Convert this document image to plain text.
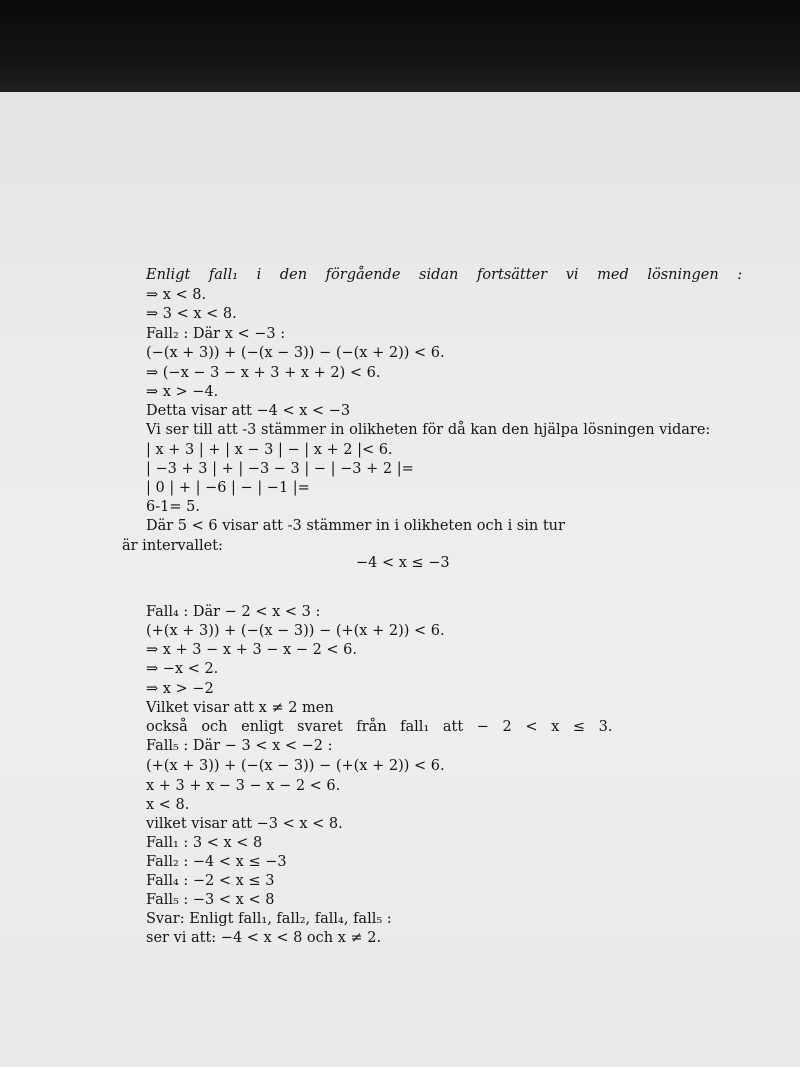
Enligt fall₁ i den förgående sidan fortsätter vi med lösningen :
⇒ x < 8.
⇒ 3 < x < 8.
Fall₂ : Där x < −3 :
(−(x + 3)) + (−(x − 3)) − (−(x + 2)) < 6.
⇒ (−x − 3 − x + 3 + x + 2) < 6.
⇒ x > −4.
Detta visar att −4 < x < −3
Vi ser till att -3 stämmer in olikheten för då kan den hjälpa lösningen vidare:
| x + 3 | + | x − 3 | − | x + 2 |< 6.
| −3 + 3 | + | −3 − 3 | − | −3 + 2 |=
| 0 | + | −6 | − | −1 |=
6-1= 5.
Där 5 < 6 visar att -3 stämmer in i olikheten och i sin tur
är intervallet:
−4 < x ≤ −3
Fall₄ : Där − 2 < x < 3 :
(+(x + 3)) + (−(x − 3)) − (+(x + 2)) < 6.
⇒ x + 3 − x + 3 − x − 2 < 6.
⇒ −x < 2.
⇒ x > −2
Vilket visar att x ≠ 2 men
också och enligt svaret från fall₁ att − 2 < x ≤ 3.
Fall₅ : Där − 3 < x < −2 :
(+(x + 3)) + (−(x − 3)) − (+(x + 2)) < 6.
x + 3 + x − 3 − x − 2 < 6.
x < 8.
vilket visar att −3 < x < 8.
Fall₁ : 3 < x < 8
Fall₂ : −4 < x ≤ −3
Fall₄ : −2 < x ≤ 3
Fall₅ : −3 < x < 8
Svar: Enligt fall₁, fall₂, fall₄, fall₅ :
ser vi att: −4 < x < 8 och x ≠ 2.
